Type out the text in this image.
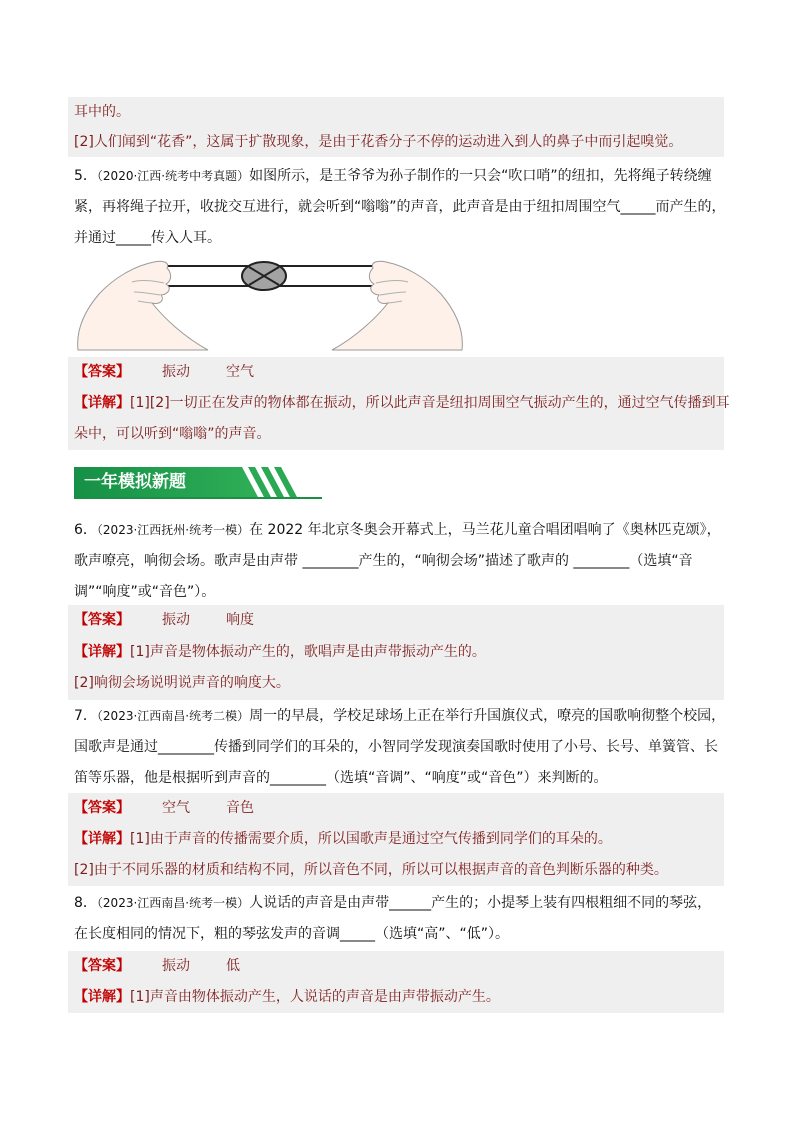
耳中的。
[2]人们闻到“花香”，这属于扩散现象，是由于花香分子不停的运动进入到人的鼻子中而引起嗅觉。
5．（2020·江西·统考中考真题）如图所示，是王爷爷为孙子制作的一只会“吹口哨”的纽扣，先将绳子转绕缠
紧，再将绳子拉开，收拢交互进行，就会听到“嗡嗡”的声音，此声音是由于纽扣周围空气_____而产生的，
并通过_____传入人耳。
【答案】 振动	空气
【详解】[1][2]一切正在发声的物体都在振动，所以此声音是纽扣周围空气振动产生的，通过空气传播到耳
朵中，可以听到“嗡嗡”的声音。
一年模拟新题
6．（2023·江西抚州·统考一模）在 2022 年北京冬奥会开幕式上，马兰花儿童合唱团唱响了《奥林匹克颂》，
歌声嘹亮，响彻会场。歌声是由声带 ________产生的，“响彻会场”描述了歌声的 ________（选填“音
调”“响度”或“音色”）。
【答案】 振动	响度
【详解】[1]声音是物体振动产生的，歌唱声是由声带振动产生的。
[2]响彻会场说明说声音的响度大。
7．（2023·江西南昌·统考二模）周一的早晨，学校足球场上正在举行升国旗仪式，嘹亮的国歌响彻整个校园，
国歌声是通过________传播到同学们的耳朵的，小智同学发现演奏国歌时使用了小号、长号、单簧管、长
笛等乐器，他是根据听到声音的________（选填“音调”、“响度”或“音色”）来判断的。
【答案】 空气	音色
【详解】[1]由于声音的传播需要介质，所以国歌声是通过空气传播到同学们的耳朵的。
[2]由于不同乐器的材质和结构不同，所以音色不同，所以可以根据声音的音色判断乐器的种类。
8．（2023·江西南昌·统考一模）人说话的声音是由声带______产生的；小提琴上装有四根粗细不同的琴弦，
在长度相同的情况下，粗的琴弦发声的音调_____（选填“高”、“低”）。
【答案】 振动	低
【详解】[1]声音由物体振动产生，人说话的声音是由声带振动产生。
